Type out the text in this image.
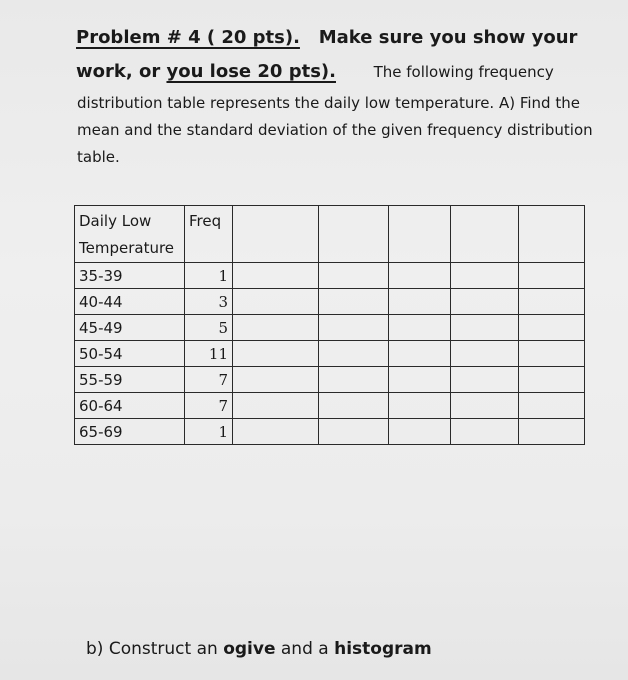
Problem # 4 ( 20 pts). Make sure you show your
work, or you lose 20 pts).	The following frequency
distribution table represents the daily low temperature. A) Find the
mean and the standard deviation of the given frequency distribution
table.
Daily Low
Temperature	Freq					

35-39	1					
40-44	3					
45-49	5					
50-54	11					
55-59	7					
60-64	7					
65-69	1					
b) Construct an ogive and a histogram
